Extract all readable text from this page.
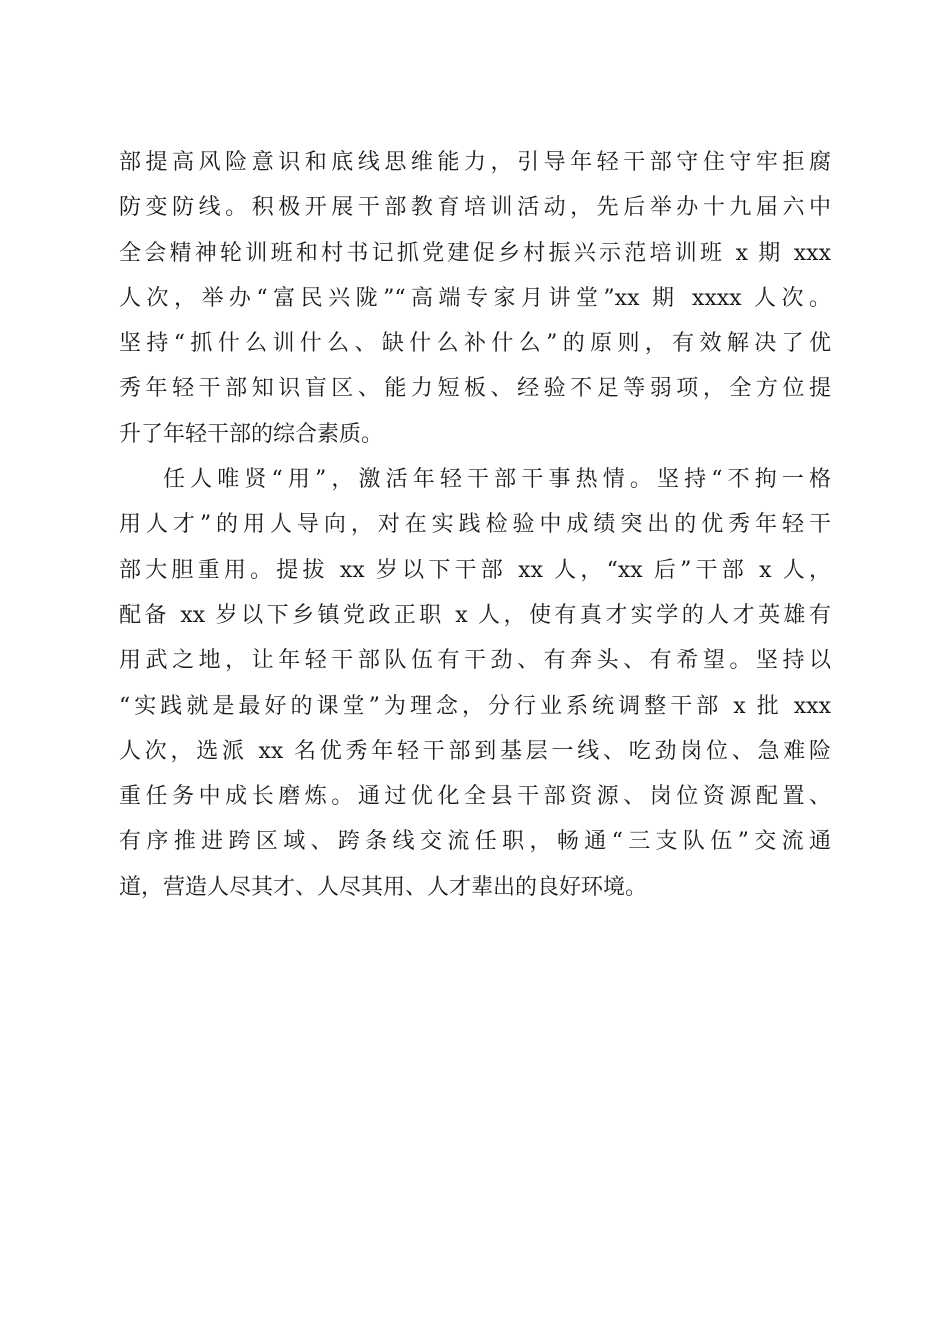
部提高风险意识和底线思维能力，引导年轻干部守住守牢拒腐
防变防线。积极开展干部教育培训活动，先后举办十九届六中
全会精神轮训班和村书记抓党建促乡村振兴示范培训班 x 期 xxx
人次，举办“富民兴陇”“高端专家月讲堂”xx 期 xxxx 人次。
坚持“抓什么训什么、缺什么补什么”的原则，有效解决了优
秀年轻干部知识盲区、能力短板、经验不足等弱项，全方位提
升了年轻干部的综合素质。
任人唯贤“用”，激活年轻干部干事热情。坚持“不拘一格
用人才”的用人导向，对在实践检验中成绩突出的优秀年轻干
部大胆重用。提拔 xx 岁以下干部 xx 人，“xx 后”干部 x 人，
配备 xx 岁以下乡镇党政正职 x 人，使有真才实学的人才英雄有
用武之地，让年轻干部队伍有干劲、有奔头、有希望。坚持以
“实践就是最好的课堂”为理念，分行业系统调整干部 x 批 xxx
人次，选派 xx 名优秀年轻干部到基层一线、吃劲岗位、急难险
重任务中成长磨炼。通过优化全县干部资源、岗位资源配置、
有序推进跨区域、跨条线交流任职，畅通“三支队伍”交流通
道，营造人尽其才、人尽其用、人才辈出的良好环境。
